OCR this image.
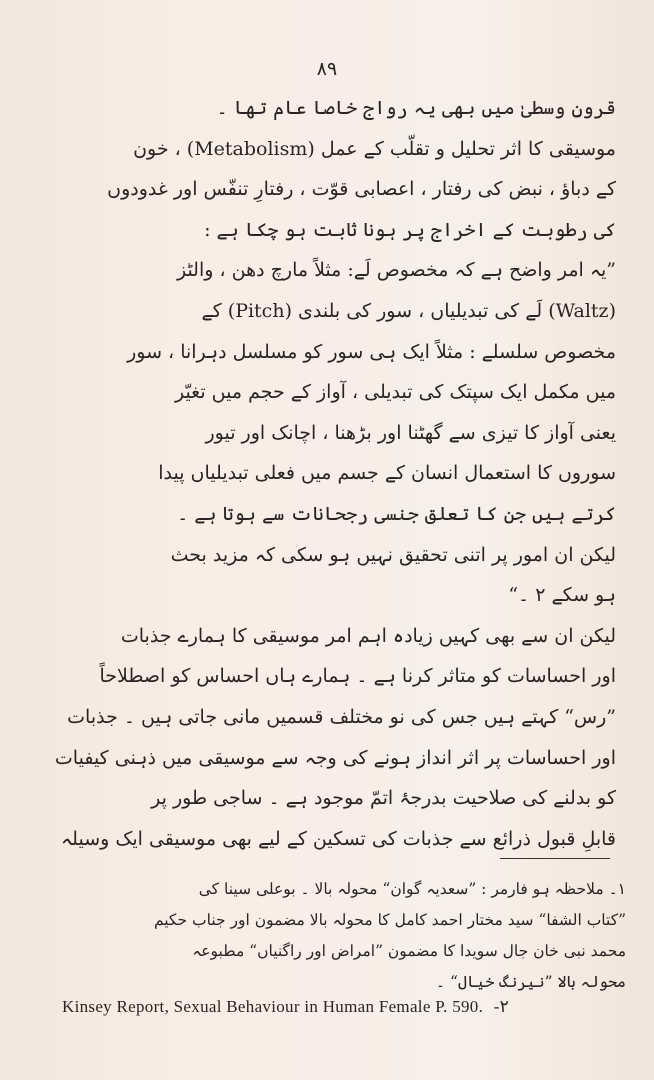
۸۹
قرونِ وسطیٰ میں بھی یہ رواج خاصا عام تھا ۔
موسیقی کا اثر تحلیل و تقلّب کے عمل (Metabolism) ، خون
کے دباؤ ، نبض کی رفتار ، اعصابی قوّت ، رفتارِ تنفّس اور غدودوں
کی رطوبت کے اخراج پر ہونا ثابت ہو چکا ہے :
”یہ امر واضح ہے کہ مخصوص لَے: مثلاً مارچ دھن ، والٹز
(Waltz) لَے کی تبدیلیاں ، سور کی بلندی (Pitch) کے
مخصوص سلسلے : مثلاً ایک ہی سور کو مسلسل دہرانا ، سور
میں مکمل ایک سپتک کی تبدیلی ، آواز کے حجم میں تغیّر
یعنی آواز کا تیزی سے گھٹنا اور بڑھنا ، اچانک اور تیور
سوروں کا استعمال انسان کے جسم میں فعلی تبدیلیاں پیدا
کرتے ہیں جن کا تعلق جنسی رجحانات سے ہوتا ہے ۔
لیکن ان امور پر اتنی تحقیق نہیں ہو سکی کہ مزید بحث
ہو سکے ۲ ۔“
لیکن ان سے بھی کہیں زیادہ اہم امر موسیقی کا ہمارے جذبات
اور احساسات کو متاثر کرنا ہے ۔ ہمارے ہاں احساس کو اصطلاحاً
”رس“ کہتے ہیں جس کی نو مختلف قسمیں مانی جاتی ہیں ۔ جذبات
اور احساسات پر اثر انداز ہونے کی وجہ سے موسیقی میں ذہنی کیفیات
کو بدلنے کی صلاحیت بدرجۂ اتمّ موجود ہے ۔ ساجی طور پر
قابلِ قبول ذرائع سے جذبات کی تسکین کے لیے بھی موسیقی ایک وسیلہ
۱۔ ملاحظہ ہو فارمر : ”سعدیہ گوان“ محولہ بالا ۔ بوعلی سینا کی
”کتاب الشفا“ سید مختار احمد کامل کا محولہ بالا مضمون اور جناب حکیم
محمد نبی خان جال سویدا کا مضمون ”امراض اور راگنیاں“ مطبوعہ
محولہ بالا ”نیرنگ خیال“ ۔
Kinsey Report, Sexual Behaviour in Human Female P. 590. -۲
